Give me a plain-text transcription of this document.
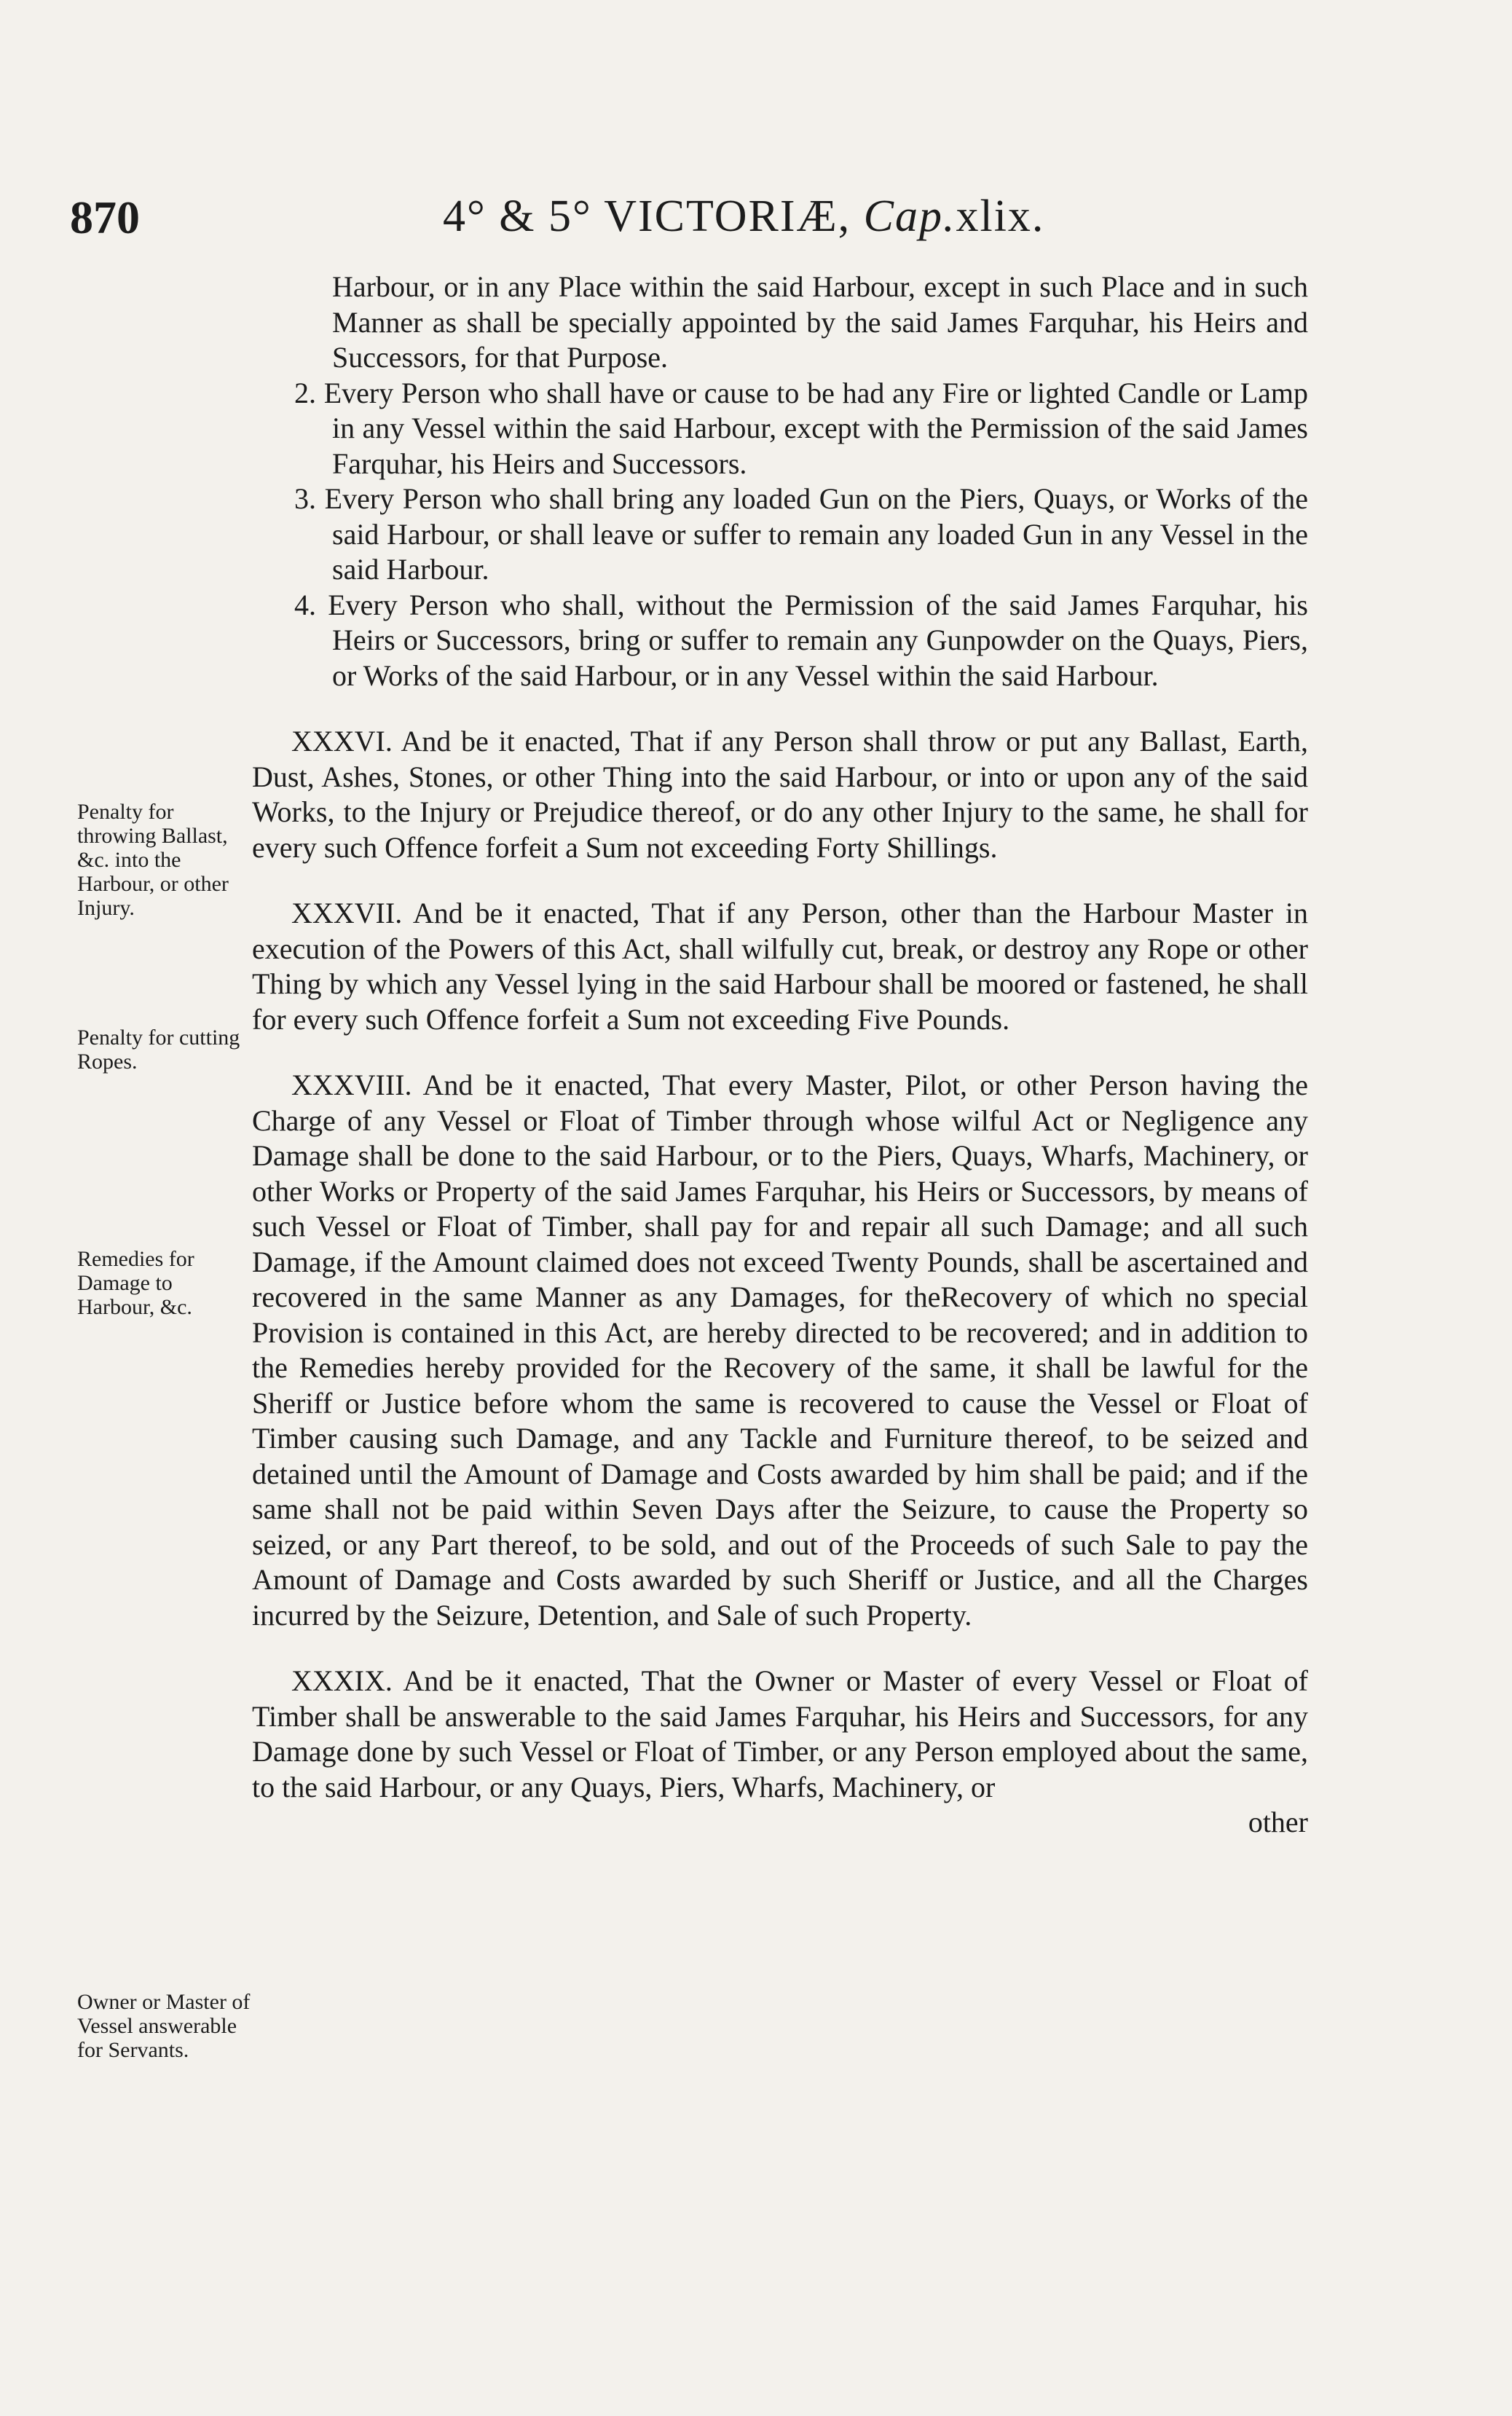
870	4° & 5° VICTORIÆ, Cap.xlix.
Penalty for throwing Ballast, &c. into the Harbour, or other Injury.
Penalty for cutting Ropes.
Remedies for Damage to Harbour, &c.
Owner or Master of Vessel answerable for Servants.

Harbour, or in any Place within the said Harbour, except in such Place and in such Manner as shall be specially appointed by the said James Farquhar, his Heirs and Successors, for that Purpose.

2. Every Person who shall have or cause to be had any Fire or lighted Candle or Lamp in any Vessel within the said Harbour, except with the Permission of the said James Farquhar, his Heirs and Successors.

3. Every Person who shall bring any loaded Gun on the Piers, Quays, or Works of the said Harbour, or shall leave or suffer to remain any loaded Gun in any Vessel in the said Harbour.

4. Every Person who shall, without the Permission of the said James Farquhar, his Heirs or Successors, bring or suffer to remain any Gunpowder on the Quays, Piers, or Works of the said Harbour, or in any Vessel within the said Harbour.

XXXVI. And be it enacted, That if any Person shall throw or put any Ballast, Earth, Dust, Ashes, Stones, or other Thing into the said Harbour, or into or upon any of the said Works, to the Injury or Prejudice thereof, or do any other Injury to the same, he shall for every such Offence forfeit a Sum not exceeding Forty Shillings.

XXXVII. And be it enacted, That if any Person, other than the Harbour Master in execution of the Powers of this Act, shall wilfully cut, break, or destroy any Rope or other Thing by which any Vessel lying in the said Harbour shall be moored or fastened, he shall for every such Offence forfeit a Sum not exceeding Five Pounds.

XXXVIII. And be it enacted, That every Master, Pilot, or other Person having the Charge of any Vessel or Float of Timber through whose wilful Act or Negligence any Damage shall be done to the said Harbour, or to the Piers, Quays, Wharfs, Machinery, or other Works or Property of the said James Farquhar, his Heirs or Successors, by means of such Vessel or Float of Timber, shall pay for and repair all such Damage; and all such Damage, if the Amount claimed does not exceed Twenty Pounds, shall be ascertained and recovered in the same Manner as any Damages, for theRecovery of which no special Provision is contained in this Act, are hereby directed to be recovered; and in addition to the Remedies hereby provided for the Recovery of the same, it shall be lawful for the Sheriff or Justice before whom the same is recovered to cause the Vessel or Float of Timber causing such Damage, and any Tackle and Furniture thereof, to be seized and detained until the Amount of Damage and Costs awarded by him shall be paid; and if the same shall not be paid within Seven Days after the Seizure, to cause the Property so seized, or any Part thereof, to be sold, and out of the Proceeds of such Sale to pay the Amount of Damage and Costs awarded by such Sheriff or Justice, and all the Charges incurred by the Seizure, Detention, and Sale of such Property.

XXXIX. And be it enacted, That the Owner or Master of every Vessel or Float of Timber shall be answerable to the said James Farquhar, his Heirs and Successors, for any Damage done by such Vessel or Float of Timber, or any Person employed about the same, to the said Harbour, or any Quays, Piers, Wharfs, Machinery, or

other
